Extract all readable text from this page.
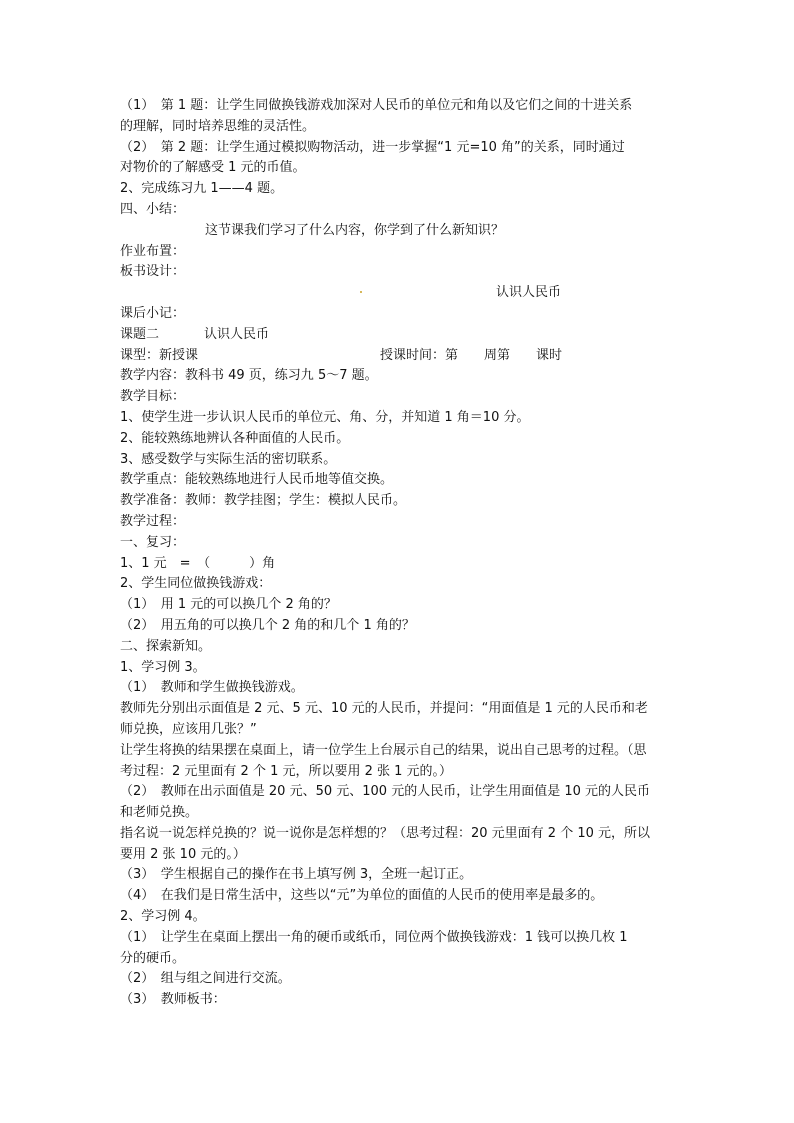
（1）　第 1 题：让学生同做换钱游戏加深对人民币的单位元和角以及它们之间的十进关系
的理解，同时培养思维的灵活性。
（2）　第 2 题：让学生通过模拟购物活动，进一步掌握“1 元=10 角”的关系，同时通过
对物价的了解感受 1 元的币值。
2、完成练习九 1——4 题。
四、小结：
这节课我们学习了什么内容，你学到了什么新知识？
作业布置：
板书设计：
认识人民币
课后小记：
课题二	认识人民币
课型：新授课	授课时间：第　　周第　　课时
教学内容：教科书 49 页，练习九 5～7 题。
教学目标：
1、使学生进一步认识人民币的单位元、角、分，并知道 1 角＝10 分。
2、能较熟练地辨认各种面值的人民币。
3、感受数学与实际生活的密切联系。
教学重点：能较熟练地进行人民币地等值交换。
教学准备：教师：教学挂图；学生：模拟人民币。
教学过程：
一、复习：
1、1 元　=　（　　　）角
2、学生同位做换钱游戏：
（1）　用 1 元的可以换几个 2 角的？
（2）　用五角的可以换几个 2 角的和几个 1 角的？
二、探索新知。
1、学习例 3。
（1）　教师和学生做换钱游戏。
教师先分别出示面值是 2 元、5 元、10 元的人民币，并提问：“用面值是 1 元的人民币和老
师兑换，应该用几张？”
让学生将换的结果摆在桌面上，请一位学生上台展示自己的结果，说出自己思考的过程。（思
考过程：2 元里面有 2 个 1 元，所以要用 2 张 1 元的。）
（2）　教师在出示面值是 20 元、50 元、100 元的人民币，让学生用面值是 10 元的人民币
和老师兑换。
指名说一说怎样兑换的？说一说你是怎样想的？（思考过程：20 元里面有 2 个 10 元，所以
要用 2 张 10 元的。）
（3）　学生根据自己的操作在书上填写例 3，全班一起订正。
（4）　在我们是日常生活中，这些以“元”为单位的面值的人民币的使用率是最多的。
2、学习例 4。
（1）　让学生在桌面上摆出一角的硬币或纸币，同位两个做换钱游戏：1 钱可以换几枚 1
分的硬币。
（2）　组与组之间进行交流。
（3）　教师板书：
